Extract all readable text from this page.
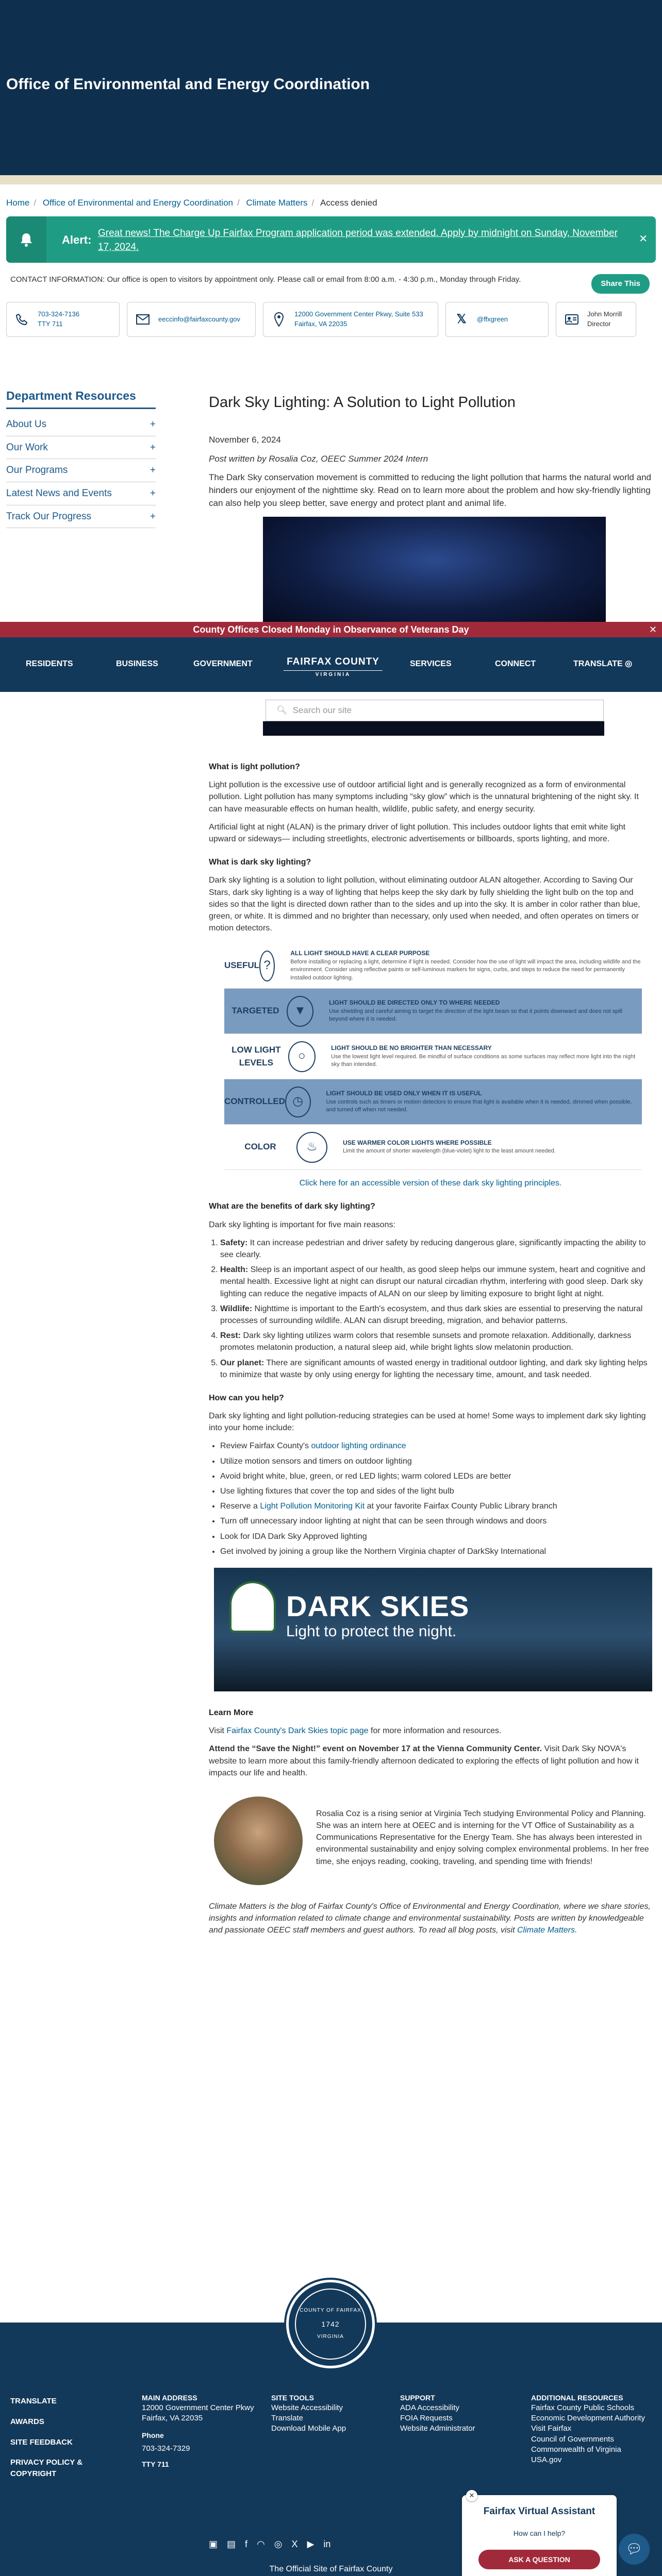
Office of Environmental and Energy Coordination
Home / Office of Environmental and Energy Coordination / Climate Matters / Access denied
Alert:
Great news! The Charge Up Fairfax Program application period was extended. Apply by midnight on Sunday, November 17, 2024.
✕
CONTACT INFORMATION: Our office is open to visitors by appointment only. Please call or email from 8:00 a.m. - 4:30 p.m., Monday through Friday.	Share This
703-324-7136
TTY 711
eeccinfo@fairfaxcounty.gov
12000 Government Center Pkwy, Suite 533
Fairfax, VA 22035	𝕏	@ffxgreen
John Morrill
Director
Department Resources
About Us	+
Our Work	+
Our Programs	+
Latest News and Events	+
Track Our Progress	+
Dark Sky Lighting: A Solution to Light Pollution

November 6, 2024

Post written by Rosalia Coz, OEEC Summer 2024 Intern

The Dark Sky conservation movement is committed to reducing the light pollution that harms the natural world and hinders our enjoyment of the nighttime sky. Read on to learn more about the problem and how sky-friendly lighting can also help you sleep better, save energy and protect plant and animal life.

County Offices Closed Monday in Observance of Veterans Day	✕
RESIDENTS	BUSINESS	GOVERNMENT	FAIRFAX COUNTY
VIRGINIA
SERVICES	CONNECT	TRANSLATE ◎
🔍︎ Search our site
What is light pollution?

Light pollution is the excessive use of outdoor artificial light and is generally recognized as a form of environmental pollution. Light pollution has many symptoms including “sky glow” which is the unnatural brightening of the night sky. It can have measurable effects on human health, wildlife, public safety, and energy security.

Artificial light at night (ALAN) is the primary driver of light pollution. This includes outdoor lights that emit white light upward or sideways— including streetlights, electronic advertisements or billboards, sports lighting, and more.

What is dark sky lighting?

Dark sky lighting is a solution to light pollution, without eliminating outdoor ALAN altogether. According to Saving Our Stars, dark sky lighting is a way of lighting that helps keep the sky dark by fully shielding the light bulb on the top and sides so that the light is directed down rather than to the sides and up into the sky. It is amber in color rather than blue, green, or white. It is dimmed and no brighter than necessary, only used when needed, and often operates on timers or motion detectors.

USEFUL ?
ALL LIGHT SHOULD HAVE A CLEAR PURPOSE
Before installing or replacing a light, determine if light is needed. Consider how the use of light will impact the area, including wildlife and the environment. Consider using reflective paints or self-luminous markers for signs, curbs, and steps to reduce the need for permanently installed outdoor lighting.
TARGETED	▼
LIGHT SHOULD BE DIRECTED ONLY TO WHERE NEEDED
Use shielding and careful aiming to target the direction of the light beam so that it points downward and does not spill beyond where it is needed.
LOW LIGHT LEVELS	○
LIGHT SHOULD BE NO BRIGHTER THAN NECESSARY
Use the lowest light level required. Be mindful of surface conditions as some surfaces may reflect more light into the night sky than intended.
CONTROLLED ◷
LIGHT SHOULD BE USED ONLY WHEN IT IS USEFUL
Use controls such as timers or motion detectors to ensure that light is available when it is needed, dimmed when possible, and turned off when not needed.
COLOR	♨	USE WARMER COLOR LIGHTS WHERE POSSIBLE
Limit the amount of shorter wavelength (blue-violet) light to the least amount needed.

Click here for an accessible version of these dark sky lighting principles.

What are the benefits of dark sky lighting?

Dark sky lighting is important for five main reasons:

1. Safety: It can increase pedestrian and driver safety by reducing dangerous glare, significantly impacting the ability to see clearly.
2. Health: Sleep is an important aspect of our health, as good sleep helps our immune system, heart and cognitive and mental health. Excessive light at night can disrupt our natural circadian rhythm, interfering with good sleep. Dark sky lighting can reduce the negative impacts of ALAN on our sleep by limiting exposure to bright light at night.
3. Wildlife: Nighttime is important to the Earth's ecosystem, and thus dark skies are essential to preserving the natural processes of surrounding wildlife. ALAN can disrupt breeding, migration, and behavior patterns.
4. Rest: Dark sky lighting utilizes warm colors that resemble sunsets and promote relaxation. Additionally, darkness promotes melatonin production, a natural sleep aid, while bright lights slow melatonin production.
5. Our planet: There are significant amounts of wasted energy in traditional outdoor lighting, and dark sky lighting helps to minimize that waste by only using energy for lighting the necessary time, amount, and task needed.
How can you help?

Dark sky lighting and light pollution-reducing strategies can be used at home! Some ways to implement dark sky lighting into your home include:

• Review Fairfax County's outdoor lighting ordinance
• Utilize motion sensors and timers on outdoor lighting
• Avoid bright white, blue, green, or red LED lights; warm colored LEDs are better
• Use lighting fixtures that cover the top and sides of the light bulb
• Reserve a Light Pollution Monitoring Kit at your favorite Fairfax County Public Library branch
• Turn off unnecessary indoor lighting at night that can be seen through windows and doors
• Look for IDA Dark Sky Approved lighting
• Get involved by joining a group like the Northern Virginia chapter of DarkSky International
DARK SKIES
Light to protect the night.
Learn More

Visit Fairfax County's Dark Skies topic page for more information and resources.

Attend the “Save the Night!” event on November 17 at the Vienna Community Center. Visit Dark Sky NOVA's website to learn more about this family-friendly afternoon dedicated to exploring the effects of light pollution and how it impacts our life and health.

Rosalia Coz is a rising senior at Virginia Tech studying Environmental Policy and Planning. She was an intern here at OEEC and is interning for the VT Office of Sustainability as a Communications Representative for the Energy Team. She has always been interested in environmental sustainability and enjoy solving complex environmental problems. In her free time, she enjoys reading, cooking, traveling, and spending time with friends!

Climate Matters is the blog of Fairfax County's Office of Environmental and Energy Coordination, where we share stories, insights and information related to climate change and environmental sustainability. Posts are written by knowledgeable and passionate OEEC staff members and guest authors. To read all blog posts, visit Climate Matters.

COUNTY OF FAIRFAX
1742
VIRGINIA
TRANSLATE
AWARDS
SITE FEEDBACK
PRIVACY POLICY & COPYRIGHT
MAIN ADDRESS
12000 Government Center Pkwy
Fairfax, VA 22035
Phone
703-324-7329
TTY 711
SITE TOOLS
Website Accessibility
Translate
Download Mobile App
SUPPORT
ADA Accessibility
FOIA Requests
Website Administrator
ADDITIONAL RESOURCES
Fairfax County Public Schools
Economic Development Authority
Visit Fairfax
Council of Governments
Commonwealth of Virginia
USA.gov
▣ ▤ f ◠ ◎ X ▶ in
The Official Site of Fairfax County
✕
Fairfax Virtual Assistant
How can I help?
ASK A QUESTION
💬︎
